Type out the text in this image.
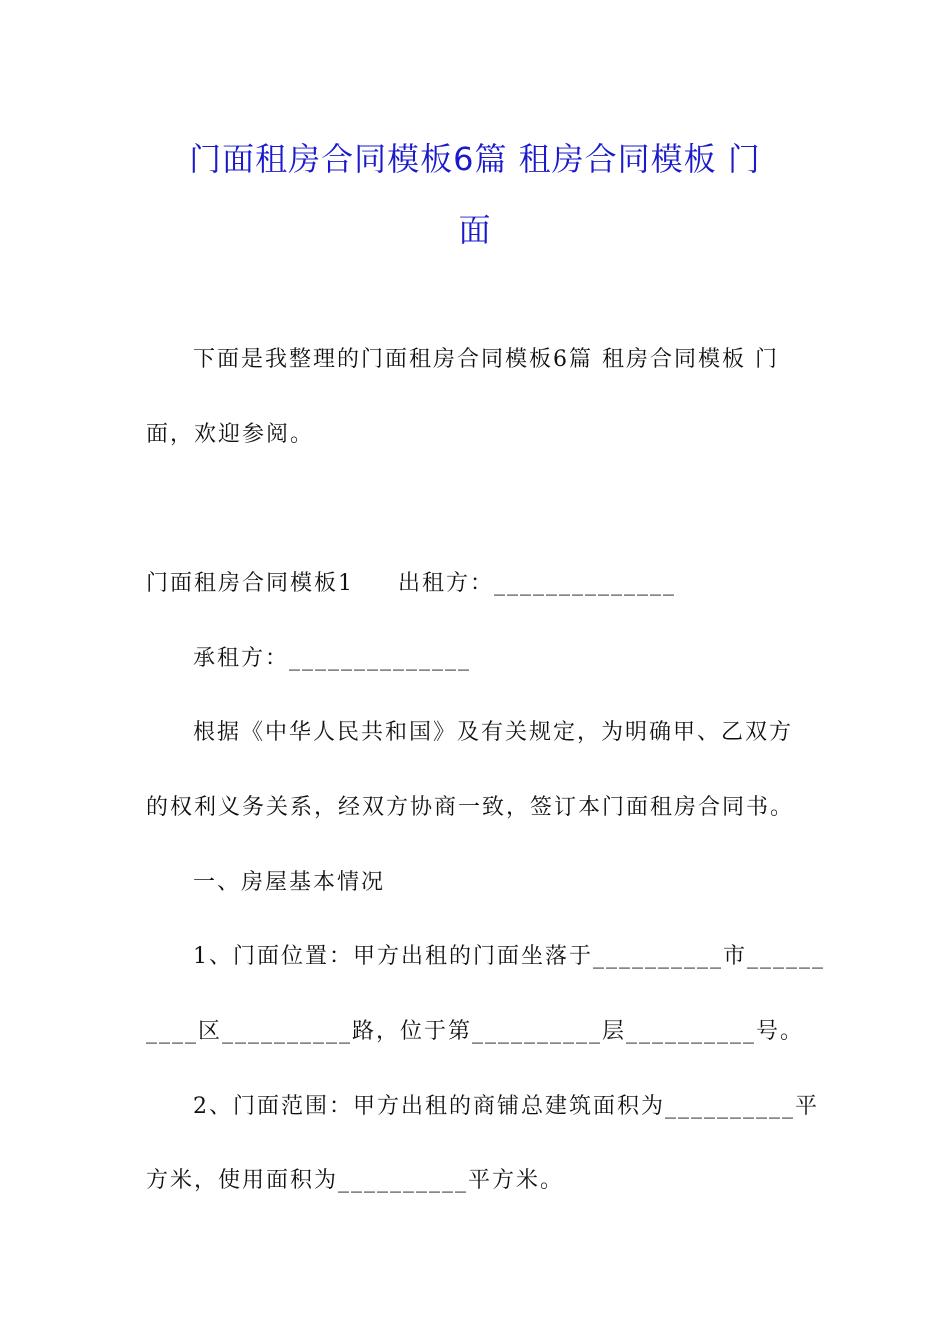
门面租房合同模板6篇 租房合同模板 门
面
下面是我整理的门面租房合同模板6篇 租房合同模板 门
面，欢迎参阅。
门面租房合同模板1 出租方：______________
承租方：______________
根据《中华人民共和国》及有关规定，为明确甲、乙双方
的权利义务关系，经双方协商一致，签订本门面租房合同书。
一、房屋基本情况
1、门面位置：甲方出租的门面坐落于__________市______
____区__________路，位于第__________层__________号。
2、门面范围：甲方出租的商铺总建筑面积为__________平
方米，使用面积为__________平方米。
